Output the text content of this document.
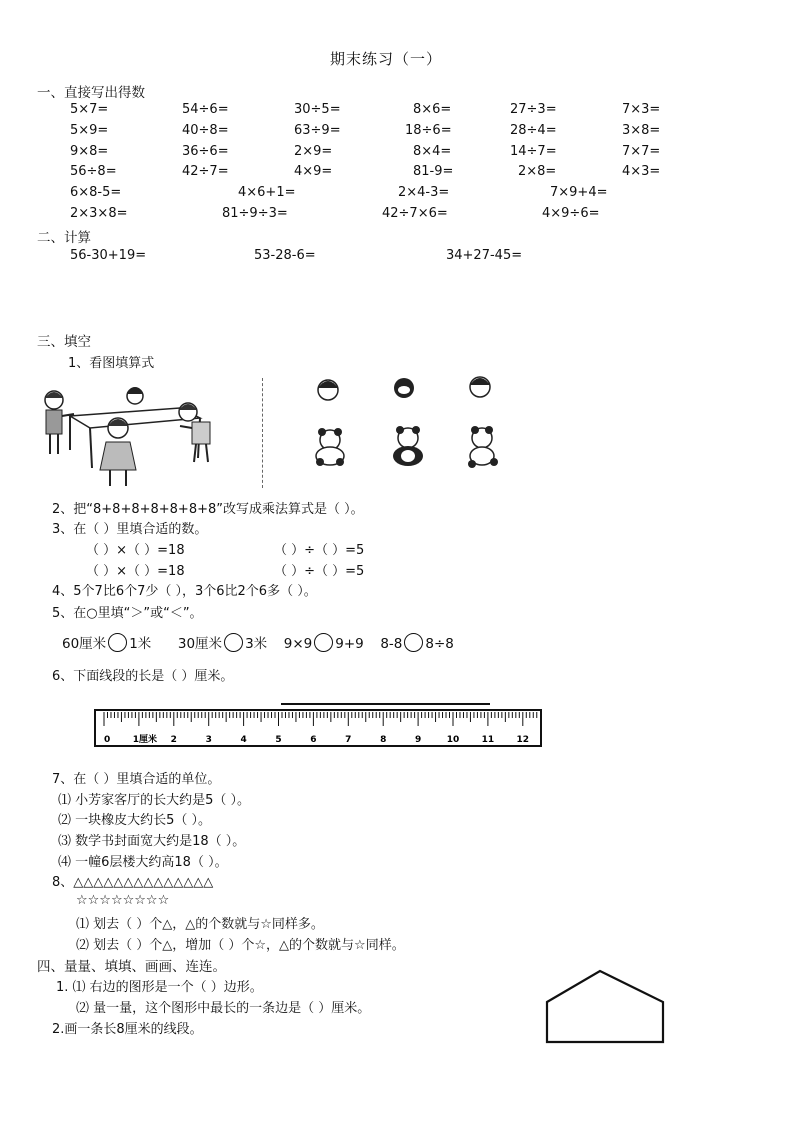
期末练习（一）
一、直接写出得数
5×7=	54÷6=	30÷5=	8×6=	27÷3=	7×3=
5×9=	40÷8=	63÷9=	18÷6=	28÷4=	3×8=
9×8=	36÷6=	2×9=	8×4=	14÷7=	7×7=
56÷8=	42÷7=	4×9=	81-9=	2×8=	4×3=
6×8-5=	4×6+1=	2×4-3=	7×9+4=
2×3×8=	81÷9÷3=	42÷7×6=	4×9÷6=
二、计算
56-30+19=	53-28-6=	34+27-45=
三、填空
1、看图填算式
2、把“8+8+8+8+8+8+8”改写成乘法算式是（ ）。
3、在（ ）里填合适的数。
（ ）×（ ）=18	（ ）÷（ ）=5
（ ）×（ ）=18	（ ）÷（ ）=5
4、5个7比6个7少（ ），3个6比2个6多（ ）。
5、在○里填“＞”或“＜”。
60厘米 1米 30厘米 3米 9×9 9+9 8-8 8÷8
6、下面线段的长是（ ）厘米。
0	1厘米 2	3	4	5	6	7	8	9	10 11 12
7、在（ ）里填合适的单位。
⑴ 小芳家客厅的长大约是5（ ）。
⑵ 一块橡皮大约长5（ ）。
⑶ 数学书封面宽大约是18（ ）。
⑷ 一幢6层楼大约高18（ ）。
8、△△△△△△△△△△△△△△
☆☆☆☆☆☆☆☆
⑴ 划去（ ）个△，△的个数就与☆同样多。
⑵ 划去（ ）个△，增加（ ）个☆，△的个数就与☆同样。
四、量量、填填、画画、连连。
1. ⑴ 右边的图形是一个（ ）边形。
⑵ 量一量，这个图形中最长的一条边是（ ）厘米。
2.画一条长8厘米的线段。
